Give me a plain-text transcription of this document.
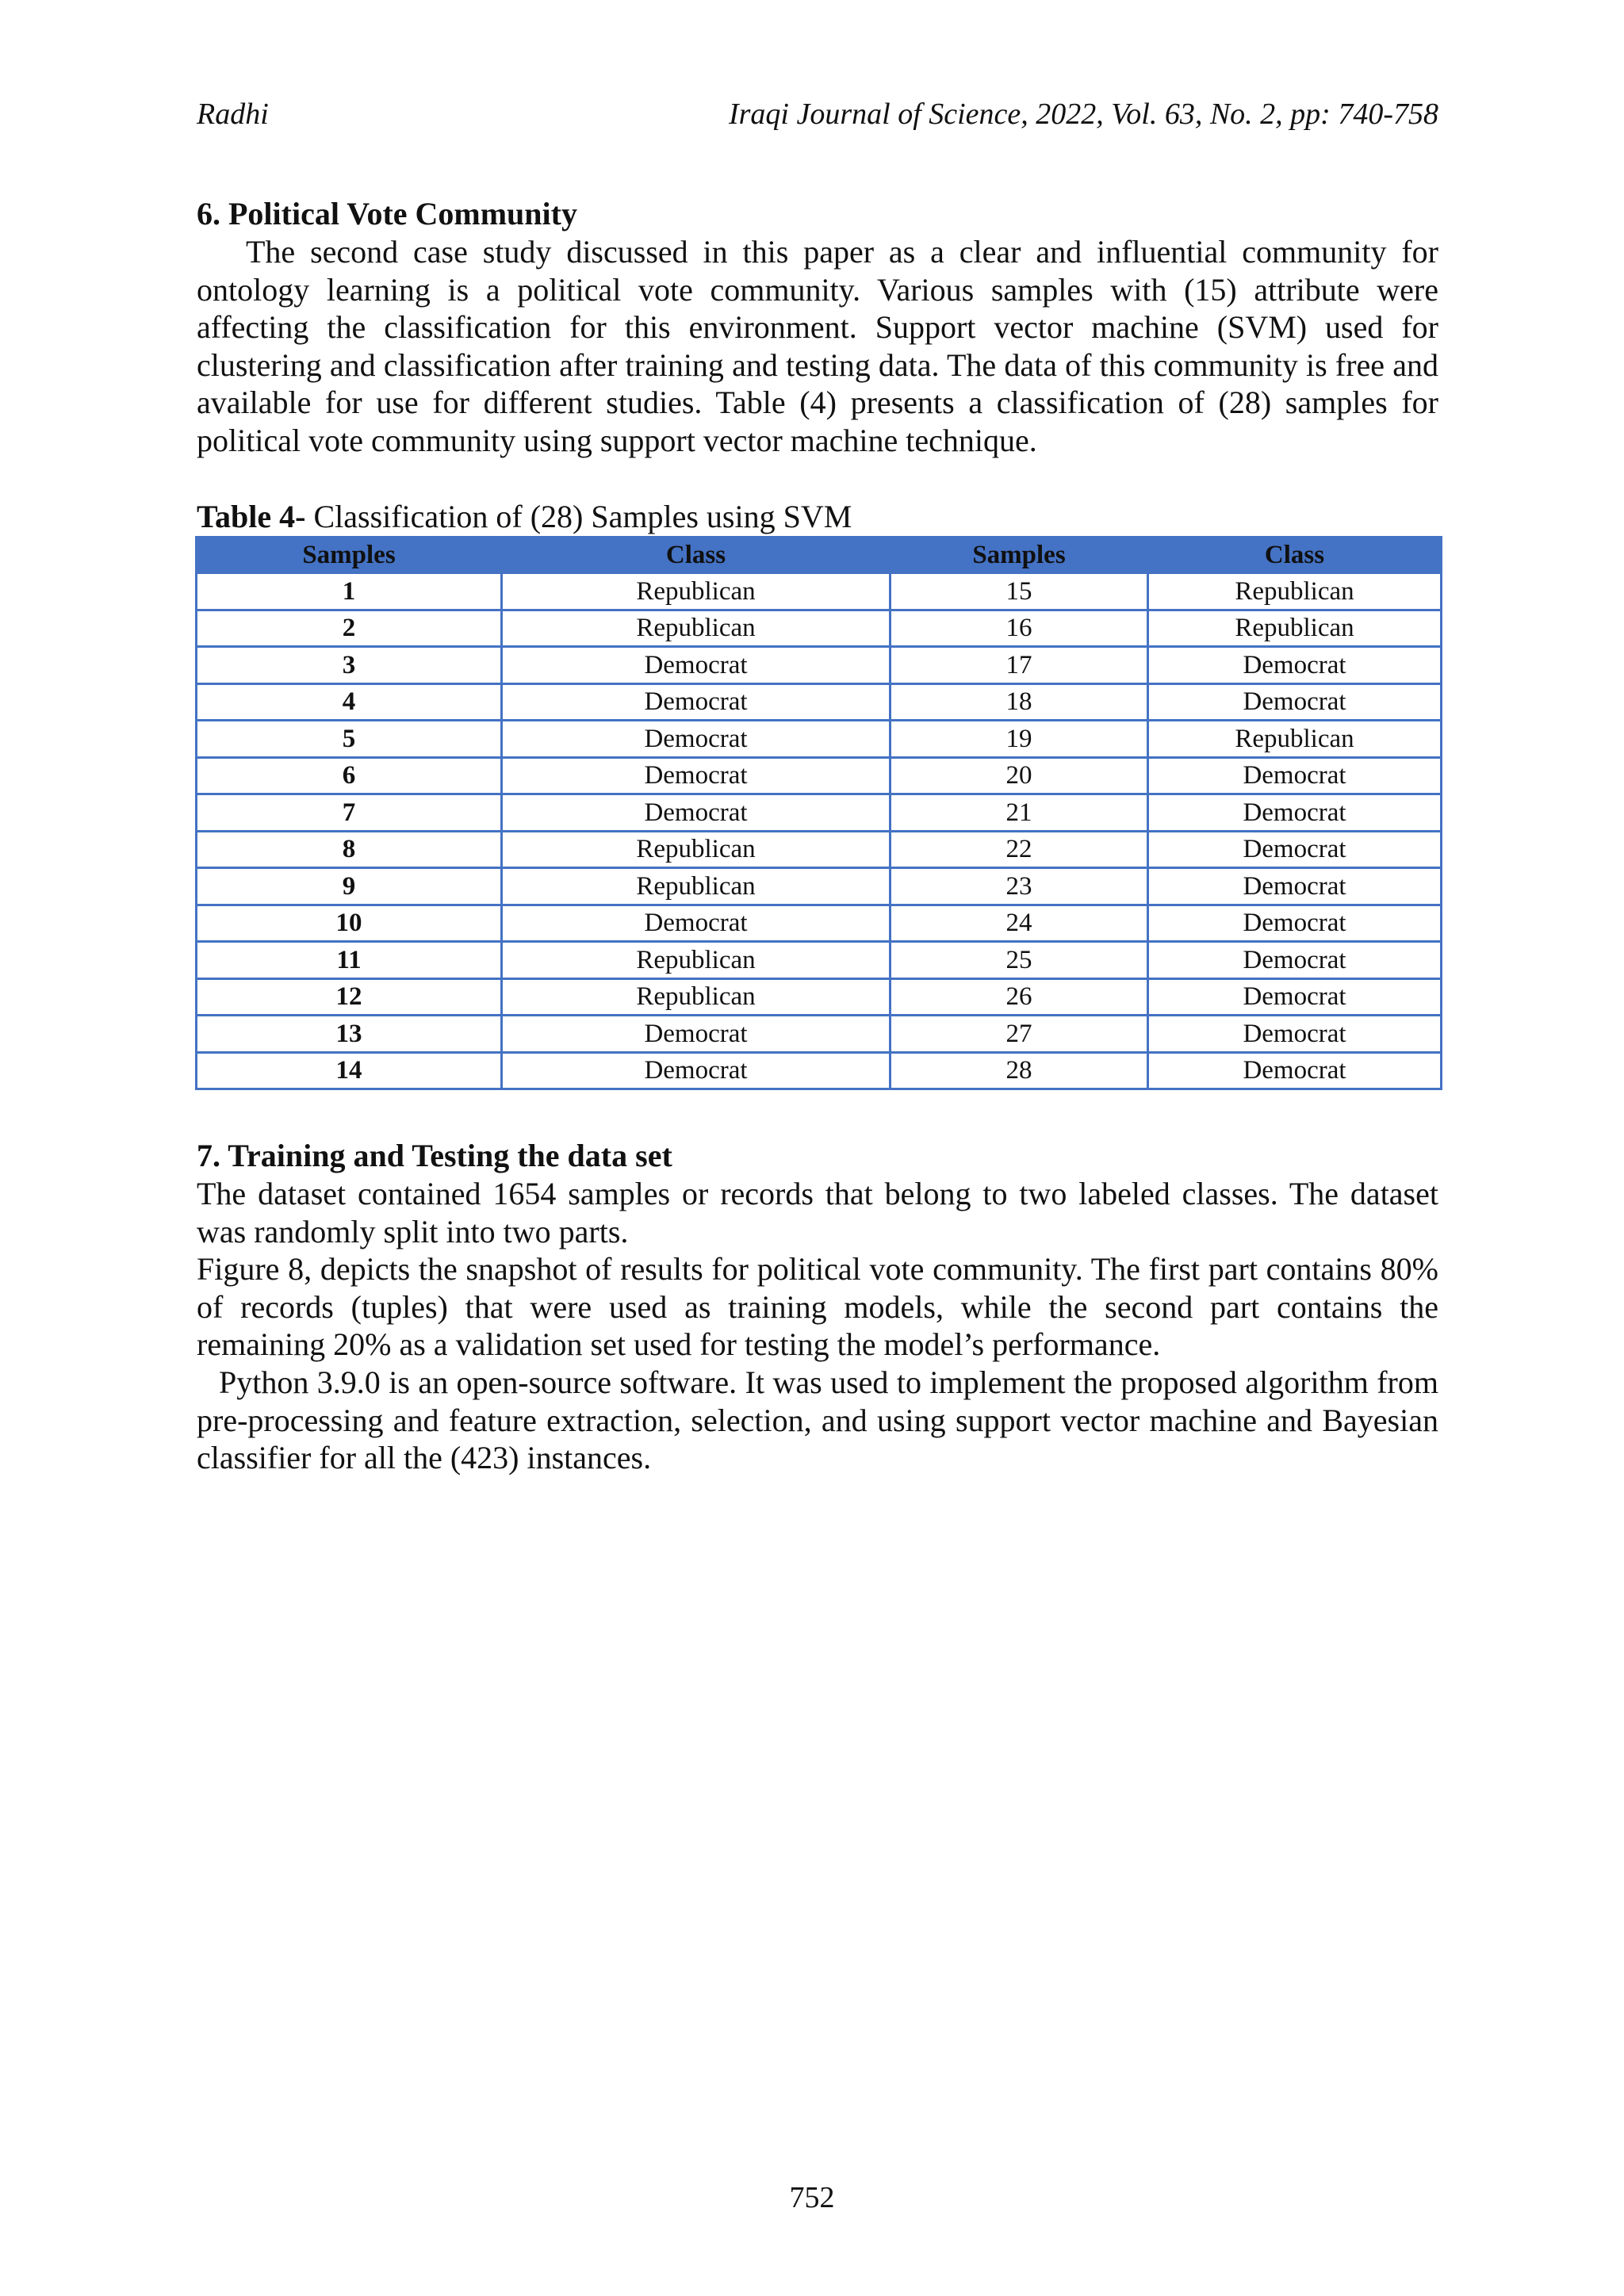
Radhi	Iraqi Journal of Science, 2022, Vol. 63, No. 2, pp: 740-758
6. Political Vote Community

The second case study discussed in this paper as a clear and influential community for ontology learning is a political vote community. Various samples with (15) attribute were affecting the classification for this environment. Support vector machine (SVM) used for clustering and classification after training and testing data. The data of this community is free and available for use for different studies. Table (4) presents a classification of (28) samples for political vote community using support vector machine technique.

Table 4- Classification of (28) Samples using SVM
Samples	Class	Samples	Class
1	Republican	15	Republican
2	Republican	16	Republican
3	Democrat	17	Democrat
4	Democrat	18	Democrat
5	Democrat	19	Republican
6	Democrat	20	Democrat
7	Democrat	21	Democrat
8	Republican	22	Democrat
9	Republican	23	Democrat
10	Democrat	24	Democrat
11	Republican	25	Democrat
12	Republican	26	Democrat
13	Democrat	27	Democrat
14	Democrat	28	Democrat
7. Training and Testing the data set

The dataset contained 1654 samples or records that belong to two labeled classes. The dataset was randomly split into two parts.

Figure 8, depicts the snapshot of results for political vote community. The first part contains 80% of records (tuples) that were used as training models, while the second part contains the remaining 20% as a validation set used for testing the model’s performance.

Python 3.9.0 is an open-source software. It was used to implement the proposed algorithm from pre-processing and feature extraction, selection, and using support vector machine and Bayesian classifier for all the (423) instances.

752
